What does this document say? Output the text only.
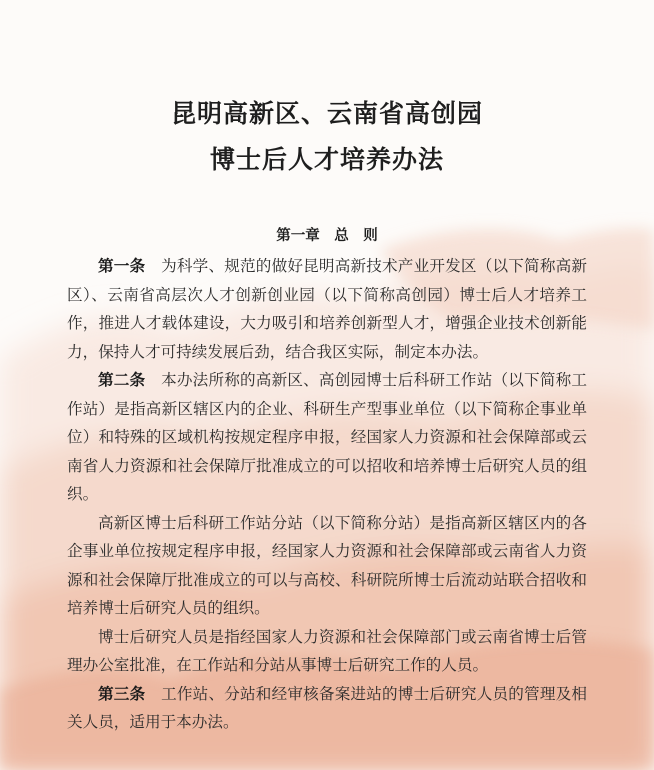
昆明高新区、云南省高创园
博士后人才培养办法
第一章　总　则

第一条　 为科学、规范的做好昆明高新技术产业开发区（以下简称高新区）、云南省高层次人才创新创业园（以下简称高创园）博士后人才培养工作，推进人才载体建设，大力吸引和培养创新型人才，增强企业技术创新能力，保持人才可持续发展后劲，结合我区实际，制定本办法。

第二条　 本办法所称的高新区、高创园博士后科研工作站（以下简称工作站）是指高新区辖区内的企业、科研生产型事业单位（以下简称企事业单位）和特殊的区域机构按规定程序申报，经国家人力资源和社会保障部或云南省人力资源和社会保障厅批准成立的可以招收和培养博士后研究人员的组织。

高新区博士后科研工作站分站（以下简称分站）是指高新区辖区内的各企事业单位按规定程序申报，经国家人力资源和社会保障部或云南省人力资源和社会保障厅批准成立的可以与高校、科研院所博士后流动站联合招收和培养博士后研究人员的组织。

博士后研究人员是指经国家人力资源和社会保障部门或云南省博士后管理办公室批准，在工作站和分站从事博士后研究工作的人员。

第三条　 工作站、分站和经审核备案进站的博士后研究人员的管理及相关人员，适用于本办法。
